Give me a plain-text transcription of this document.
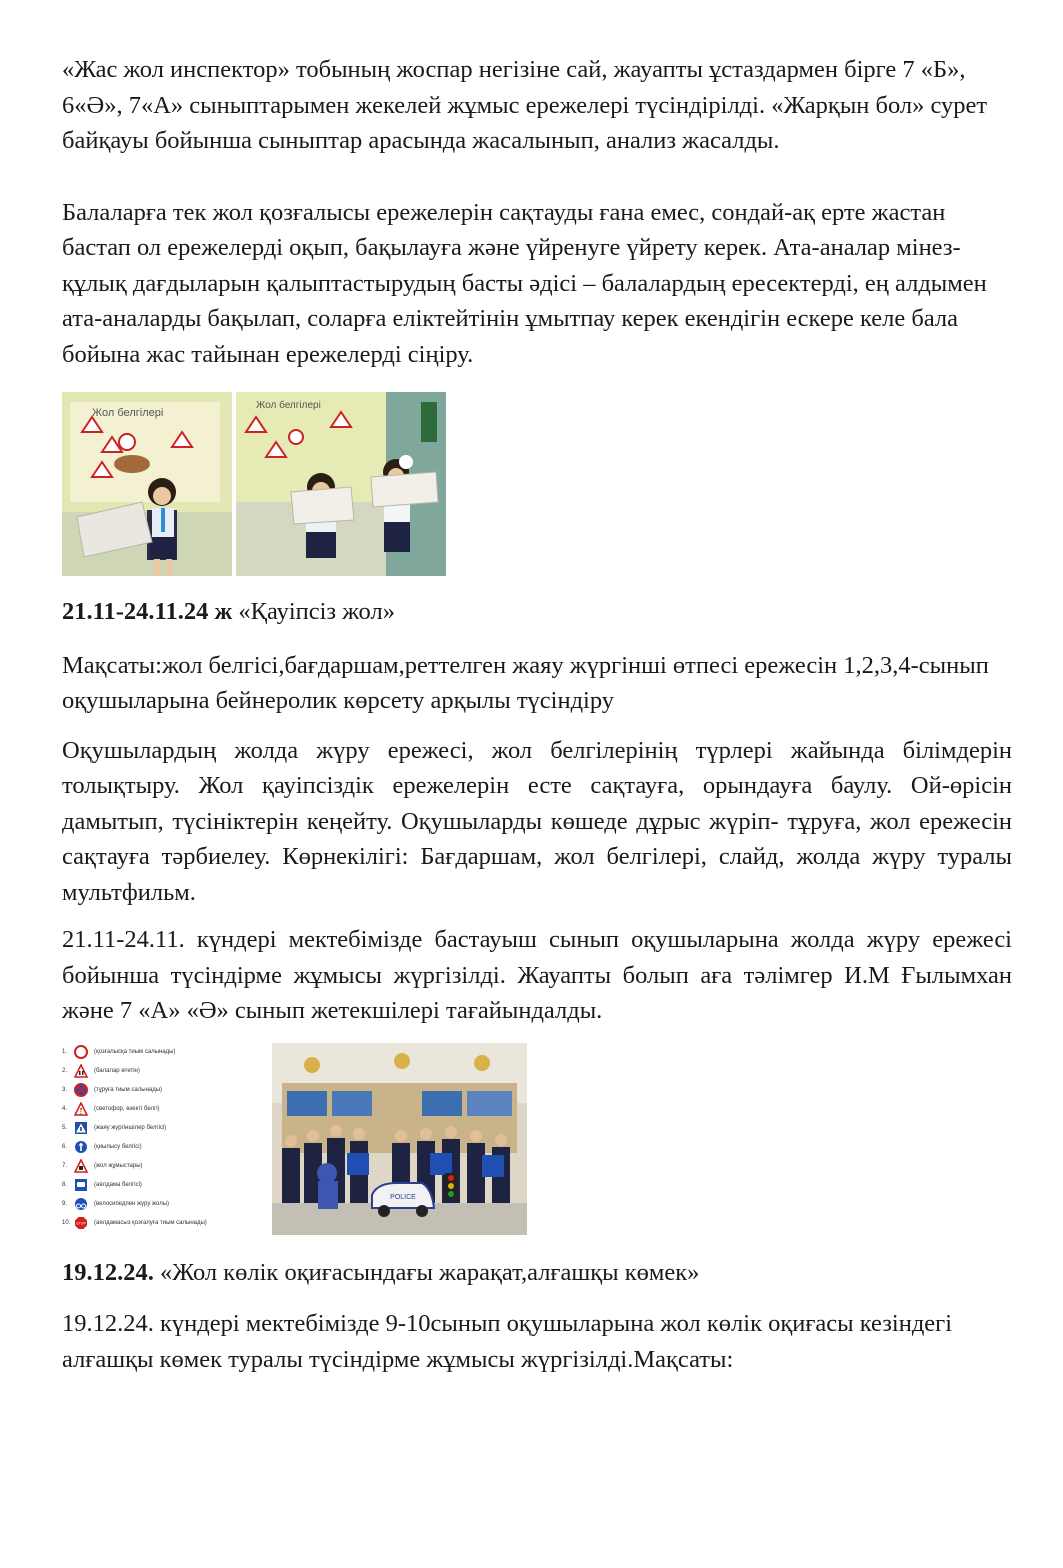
«Жас жол инспектор» тобының жоспар негізіне сай, жауапты ұстаздармен бірге 7 «Б», 6«Ә», 7«А» сыныптарымен жекелей жұмыс ережелері түсіндірілді. «Жарқын бол» сурет байқауы бойынша сыныптар арасында жасалынып, анализ жасалды.

Балаларға тек жол қозғалысы ережелерін сақтауды ғана емес, сондай-ақ ерте жастан бастап ол ережелерді оқып, бақылауға және үйренуге үйрету керек. Ата-аналар мінез-құлық дағдыларын қалыптастырудың басты әдісі – балалардың ересектерді, ең алдымен ата-аналарды бақылап, соларға еліктейтінін ұмытпау керек екендігін ескере келе бала бойына жас тайынан ережелерді сіңіру.

Жол белгілері
Жол белгілері

21.11-24.11.24 ж «Қауіпсіз жол»

Мақсаты:жол белгісі,бағдаршам,реттелген жаяу жүргінші өтпесі ережесін 1,2,3,4-сынып оқушыларына бейнеролик көрсету арқылы түсіндіру

Оқушылардың жолда жүру ережесі, жол белгілерінің түрлері жайында білімдерін толықтыру. Жол қауіпсіздік ережелерін есте сақтауға, орындауға баулу. Ой-өрісін дамытып, түсініктерін кеңейту. Оқушыларды көшеде дұрыс жүріп- тұруға, жол ережесін сақтауға тәрбиелеу. Көрнекілігі: Бағдаршам, жол белгілері, слайд, жолда жүру туралы мультфильм.

21.11-24.11. күндері мектебімізде бастауыш сынып оқушыларына жолда жүру ережесі бойынша түсіндірме жұмысы жүргізілді. Жауапты болып аға тәлімгер И.М Ғылымхан және 7 «А» «Ә» сынып жетекшілері тағайындалды.

1.	(қозғалысқа тиым салынады)
2.	(балалар өтетін)
3.	(тұруға тиым салынады)
4.	(светофор, өзекті белгі)
5.	(жаяу жүргіншілер белгісі)
6.	(қиылысу белгісі)
7.	(жол жұмыстары)
8.	(аялдама белгісі)
9.	(велосипедпен жүру жолы)
10.	STOP (аялдамасыз қозғалуға тиым салынады)
POLICE

19.12.24. «Жол көлік оқиғасындағы жарақат,алғашқы көмек»

19.12.24. күндері мектебімізде 9-10сынып оқушыларына жол көлік оқиғасы кезіндегі алғашқы көмек туралы түсіндірме жұмысы жүргізілді.Мақсаты:
